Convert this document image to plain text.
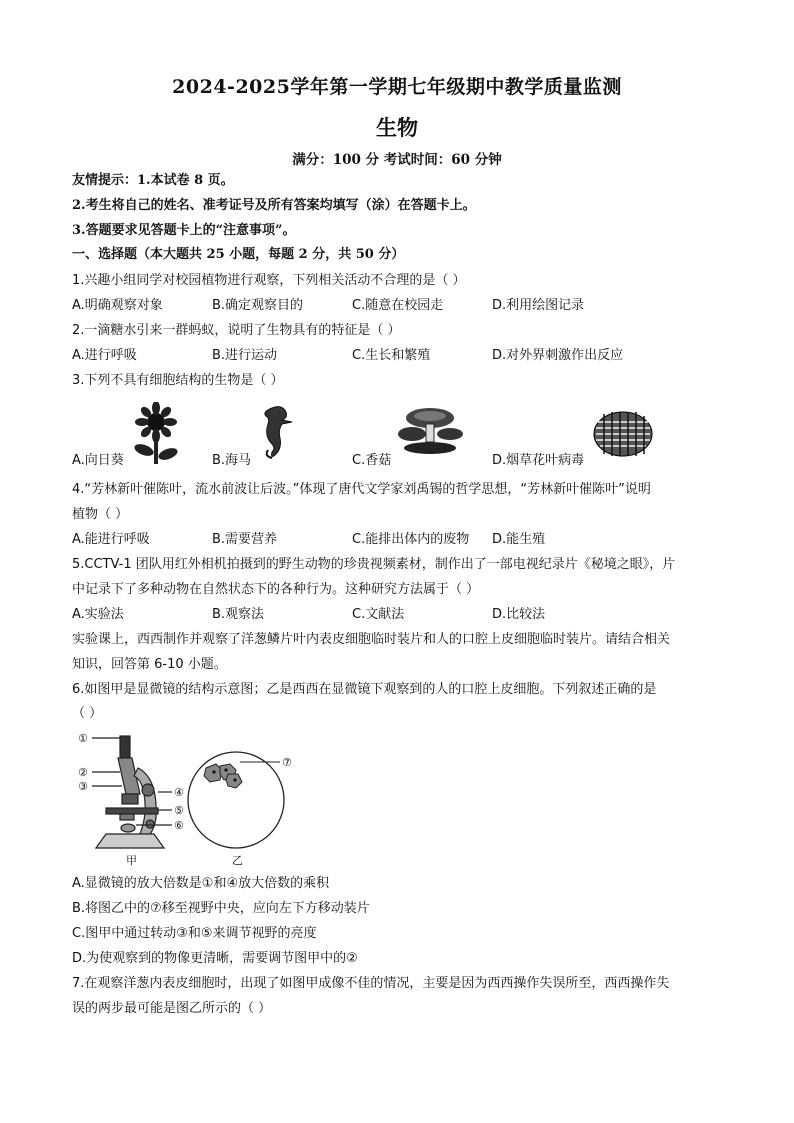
2024-2025学年第一学期七年级期中教学质量监测
生物
满分：100 分 考试时间：60 分钟
友情提示：1.本试卷 8 页。
2.考生将自己的姓名、准考证号及所有答案均填写（涂）在答题卡上。
3.答题要求见答题卡上的“注意事项”。
一、选择题（本大题共 25 小题，每题 2 分，共 50 分）
1.兴趣小组同学对校园植物进行观察，下列相关活动不合理的是（ ）
A.明确观察对象	B.确定观察目的	C.随意在校园走	D.利用绘图记录
2.一滴糖水引来一群蚂蚁，说明了生物具有的特征是（ ）
A.进行呼吸	B.进行运动	C.生长和繁殖	D.对外界刺激作出反应
3.下列不具有细胞结构的生物是（ ）
A.向日葵	B.海马	C.香菇	D.烟草花叶病毒
4.“芳林新叶催陈叶，流水前波让后波。”体现了唐代文学家刘禹锡的哲学思想，“芳林新叶催陈叶”说明
植物（ ）
A.能进行呼吸	B.需要营养	C.能排出体内的废物 D.能生殖
5.CCTV-1 团队用红外相机拍摄到的野生动物的珍贵视频素材，制作出了一部电视纪录片《秘境之眼》，片
中记录下了多种动物在自然状态下的各种行为。这种研究方法属于（ ）
A.实验法	B.观察法	C.文献法	D.比较法
实验课上，西西制作并观察了洋葱鳞片叶内表皮细胞临时装片和人的口腔上皮细胞临时装片。请结合相关
知识，回答第 6-10 小题。
6.如图甲是显微镜的结构示意图；乙是西西在显微镜下观察到的人的口腔上皮细胞。下列叙述正确的是
（ ）
①
②
③	④
⑤
⑥
甲
⑦
乙
A.显微镜的放大倍数是①和④放大倍数的乘积
B.将图乙中的⑦移至视野中央，应向左下方移动装片
C.图甲中通过转动③和⑤来调节视野的亮度
D.为使观察到的物像更清晰，需要调节图甲中的②
7.在观察洋葱内表皮细胞时，出现了如图甲成像不佳的情况，主要是因为西西操作失误所至，西西操作失
误的两步最可能是图乙所示的（ ）
